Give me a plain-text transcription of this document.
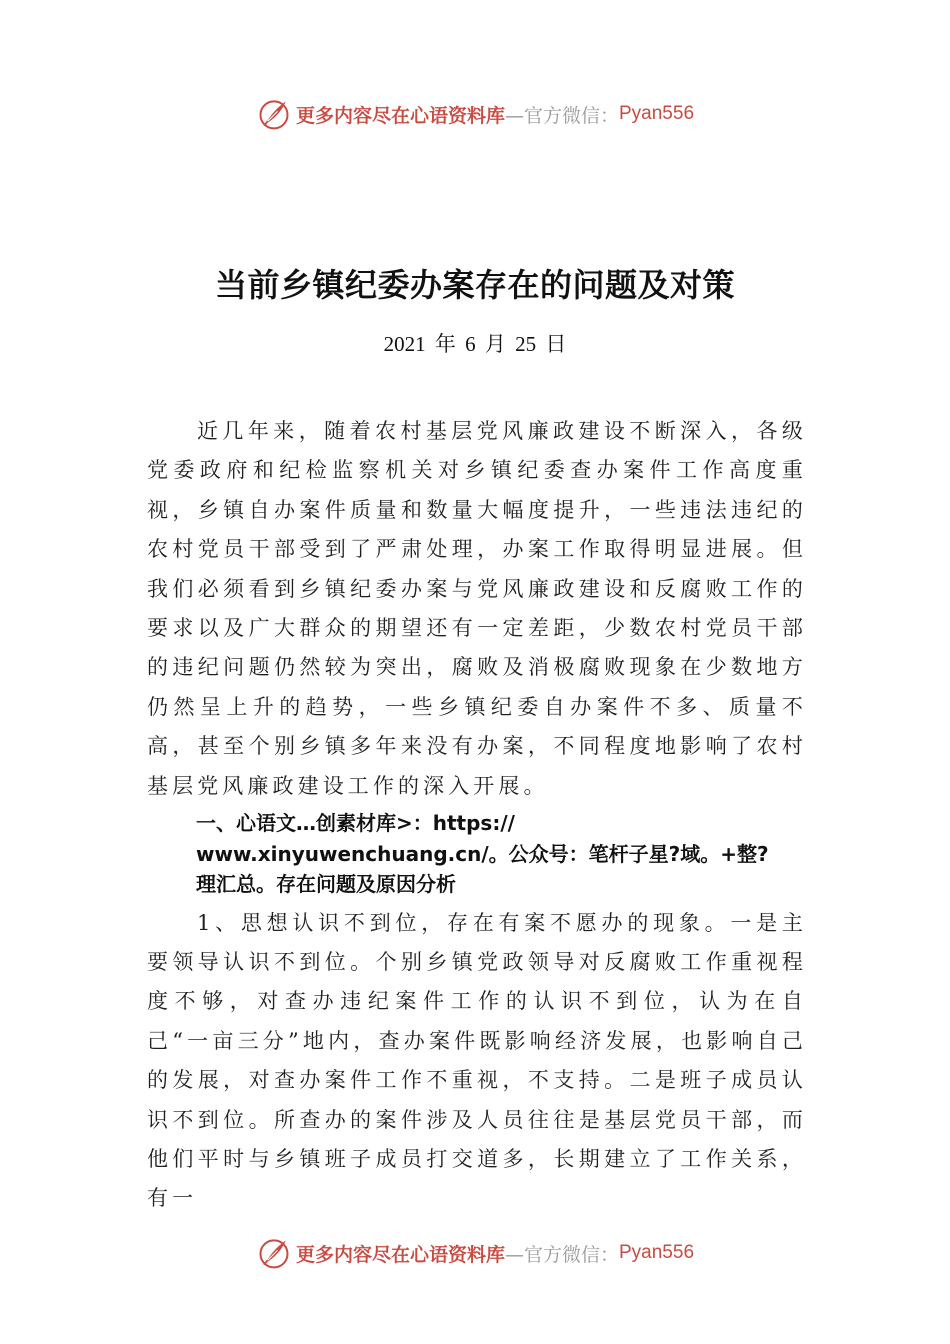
更多内容尽在心语资料库 —官方微信： Pyan556
当前乡镇纪委办案存在的问题及对策
2021 年 6 月 25 日

近几年来，随着农村基层党风廉政建设不断深入，各级党委政府和纪检监察机关对乡镇纪委查办案件工作高度重视，乡镇自办案件质量和数量大幅度提升，一些违法违纪的农村党员干部受到了严肃处理，办案工作取得明显进展。但我们必须看到乡镇纪委办案与党风廉政建设和反腐败工作的要求以及广大群众的期望还有一定差距，少数农村党员干部的违纪问题仍然较为突出，腐败及消极腐败现象在少数地方仍然呈上升的趋势，一些乡镇纪委自办案件不多、质量不高，甚至个别乡镇多年来没有办案，不同程度地影响了农村基层党风廉政建设工作的深入开展。

一、心语文…创素材库>：https://
www.xinyuwenchuang.cn/。公众号：笔杆子星?域。+整?
理汇总。存在问题及原因分析

1、思想认识不到位，存在有案不愿办的现象。一是主要领导认识不到位。个别乡镇党政领导对反腐败工作重视程度不够，对查办违纪案件工作的认识不到位，认为在自己“一亩三分”地内，查办案件既影响经济发展，也影响自己的发展，对查办案件工作不重视，不支持。二是班子成员认识不到位。所查办的案件涉及人员往往是基层党员干部，而他们平时与乡镇班子成员打交道多，长期建立了工作关系，有一

更多内容尽在心语资料库 —官方微信： Pyan556
